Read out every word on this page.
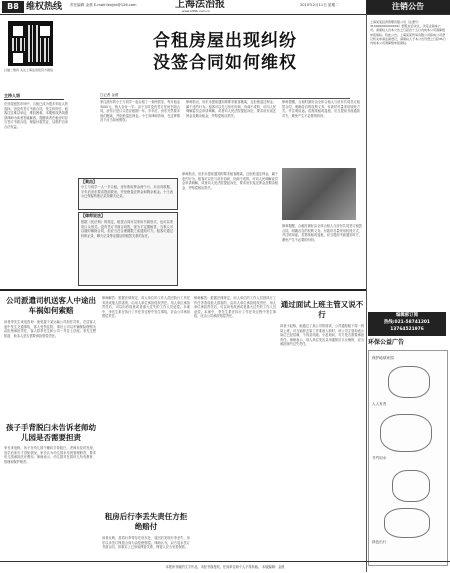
B8 维权热线 责任编辑 金晨 E-mail:fzbjjrx@126.com	上海法治报
www.shfzb.com.cn
2010年2月11日 星期二	注销公告
扫描二维码 关注上海法治报官方微信
合租房屋出现纠纷
没签合同如何维权
主持人语	□记者 金晨
在房屋租赁市场中，合租已成为很多年轻人的选择。因没有签订书面合同，发生纠纷后，租客往往难以举证，维权困难。本期维权热线邀请律师为读者答疑解惑，提醒读者在租房时应当签订书面合同，保留付款凭证，以维护自身合法权益。
家住浦东的小王与同学一起合租了一套两居室，每月租金3000元，两人各付一半。由于当时没有签订任何书面合同，房东只是口头答应租期一年。半年后，房东突然要求他们搬离，并拒绝退还押金。小王向律师咨询，在这种情况下应当如何维权。
律师指出，房东未提前通知即要求租客搬离，且拒绝退还押金，属于违约行为。租客可以先与房东协商，协商不成的，可向人民调解委员会申请调解，或者向人民法院提起诉讼，要求房东返还押金及剩余租金，并赔偿相应损失。
律师提醒，合租时最好由全体合租人与房东共同签订租赁合同，明确各自的权利义务。付款时尽量采用转账方式，并注明用途。若需续租或退租，应当提前书面通知对方，避免产生不必要的纠纷。
【案由】
小王与同学一人一半合租，房东收取押金两个月，未出具收据。半年后房东要求提前收房，并拒绝退还押金和剩余租金。小王表示已保留转账记录及聊天记录。
【律师说法】
根据《民法典》的规定，租赁合同可以采用书面形式，也可以采用口头形式。没有签订书面合同的，视为不定期租赁，当事人可以随时解除合同，但应当在合理期限之前通知对方。租客可通过转账记录、聊天记录等证据证明租赁关系的存在。
律师指出，房东未提前通知即要求租客搬离，且拒绝退还押金，属于违约行为。租客可以先与房东协商，协商不成的，可向人民调解委员会申请调解，或者向人民法院提起诉讼，要求房东返还押金及剩余租金，并赔偿相应损失。
律师提醒，合租时最好由全体合租人与房东共同签订租赁合同，明确各自的权利义务。付款时尽量采用转账方式，并注明用途。若需续租或退租，应当提前书面通知对方，避免产生不必要的纠纷。
公司派遣司机送客人中途出车祸如何索赔
读者李先生来电咨询：他受雇于某运输公司担任司机，在送客人途中发生交通事故，客人受伤住院。事后公司以车辆保险理赔为由拒绝承担责任，客人将李先生和公司一并告上法庭。李先生想知道，他本人是否需要承担赔偿责任。
孩子手背脱臼未告诉老师幼儿园是否需要担责
家长来电称，孩子在幼儿园午睡时手背脱臼，老师未及时发现，放学后家长才得知情况。家长认为幼儿园未尽到管理职责，要求幼儿园承担医疗费用。律师表示，幼儿园对在园幼儿负有教育、管理和保护职责。
律师解答：根据法律规定，用人单位的工作人员因执行工作任务造成他人损害的，由用人单位承担侵权责任。用人单位承担责任后，可以向有故意或者重大过失的工作人员追偿。本案中，李先生系在执行工作任务过程中发生事故，应由公司承担赔偿责任。
租房后行李丢失责任方拒绝赔付
读者反映，其将行李寄存在房东处，返回后发现行李丢失，房东以未签订保管合同为由拒绝赔偿。律师认为，双方虽未签订书面合同，但事实上已形成保管关系，保管人应当妥善保管。
律师解答：根据法律规定，用人单位的工作人员因执行工作任务造成他人损害的，由用人单位承担侵权责任。用人单位承担责任后，可以向有故意或者重大过失的工作人员追偿。本案中，李先生系在执行工作任务过程中发生事故，应由公司承担赔偿责任。
通过面试上班主管又说不行
读者小赵称，她通过了某公司的面试，公司通知她下周一到岗上班。可当她辞去原工作准备入职时，该公司主管却表示岗位已经招满，不再录用她。小赵询问，对方是否需要承担责任。律师表示，用人单位发出录用通知后又反悔的，应当承担缔约过失责任。
上海某某投资管理有限公司（注册号：310000000000000）经股东会决议，决定注销本公司。请债权人自本公告之日起四十五日内向本公司清算组申报债权。特此公告。上海某某贸易有限公司拟向公司登记机关申请注销登记，请债权人于本公告刊登之日起45日内向本公司清算组申报债权。
编辑部订阅
热线:021-58741201
13764521976
环保公益广告
保护地球家园
人人有责
节约用水
绿色出行
本报所刊载的文字作品，未经书面授权，任何单位和个人不得转载。 本版编辑：金晨
